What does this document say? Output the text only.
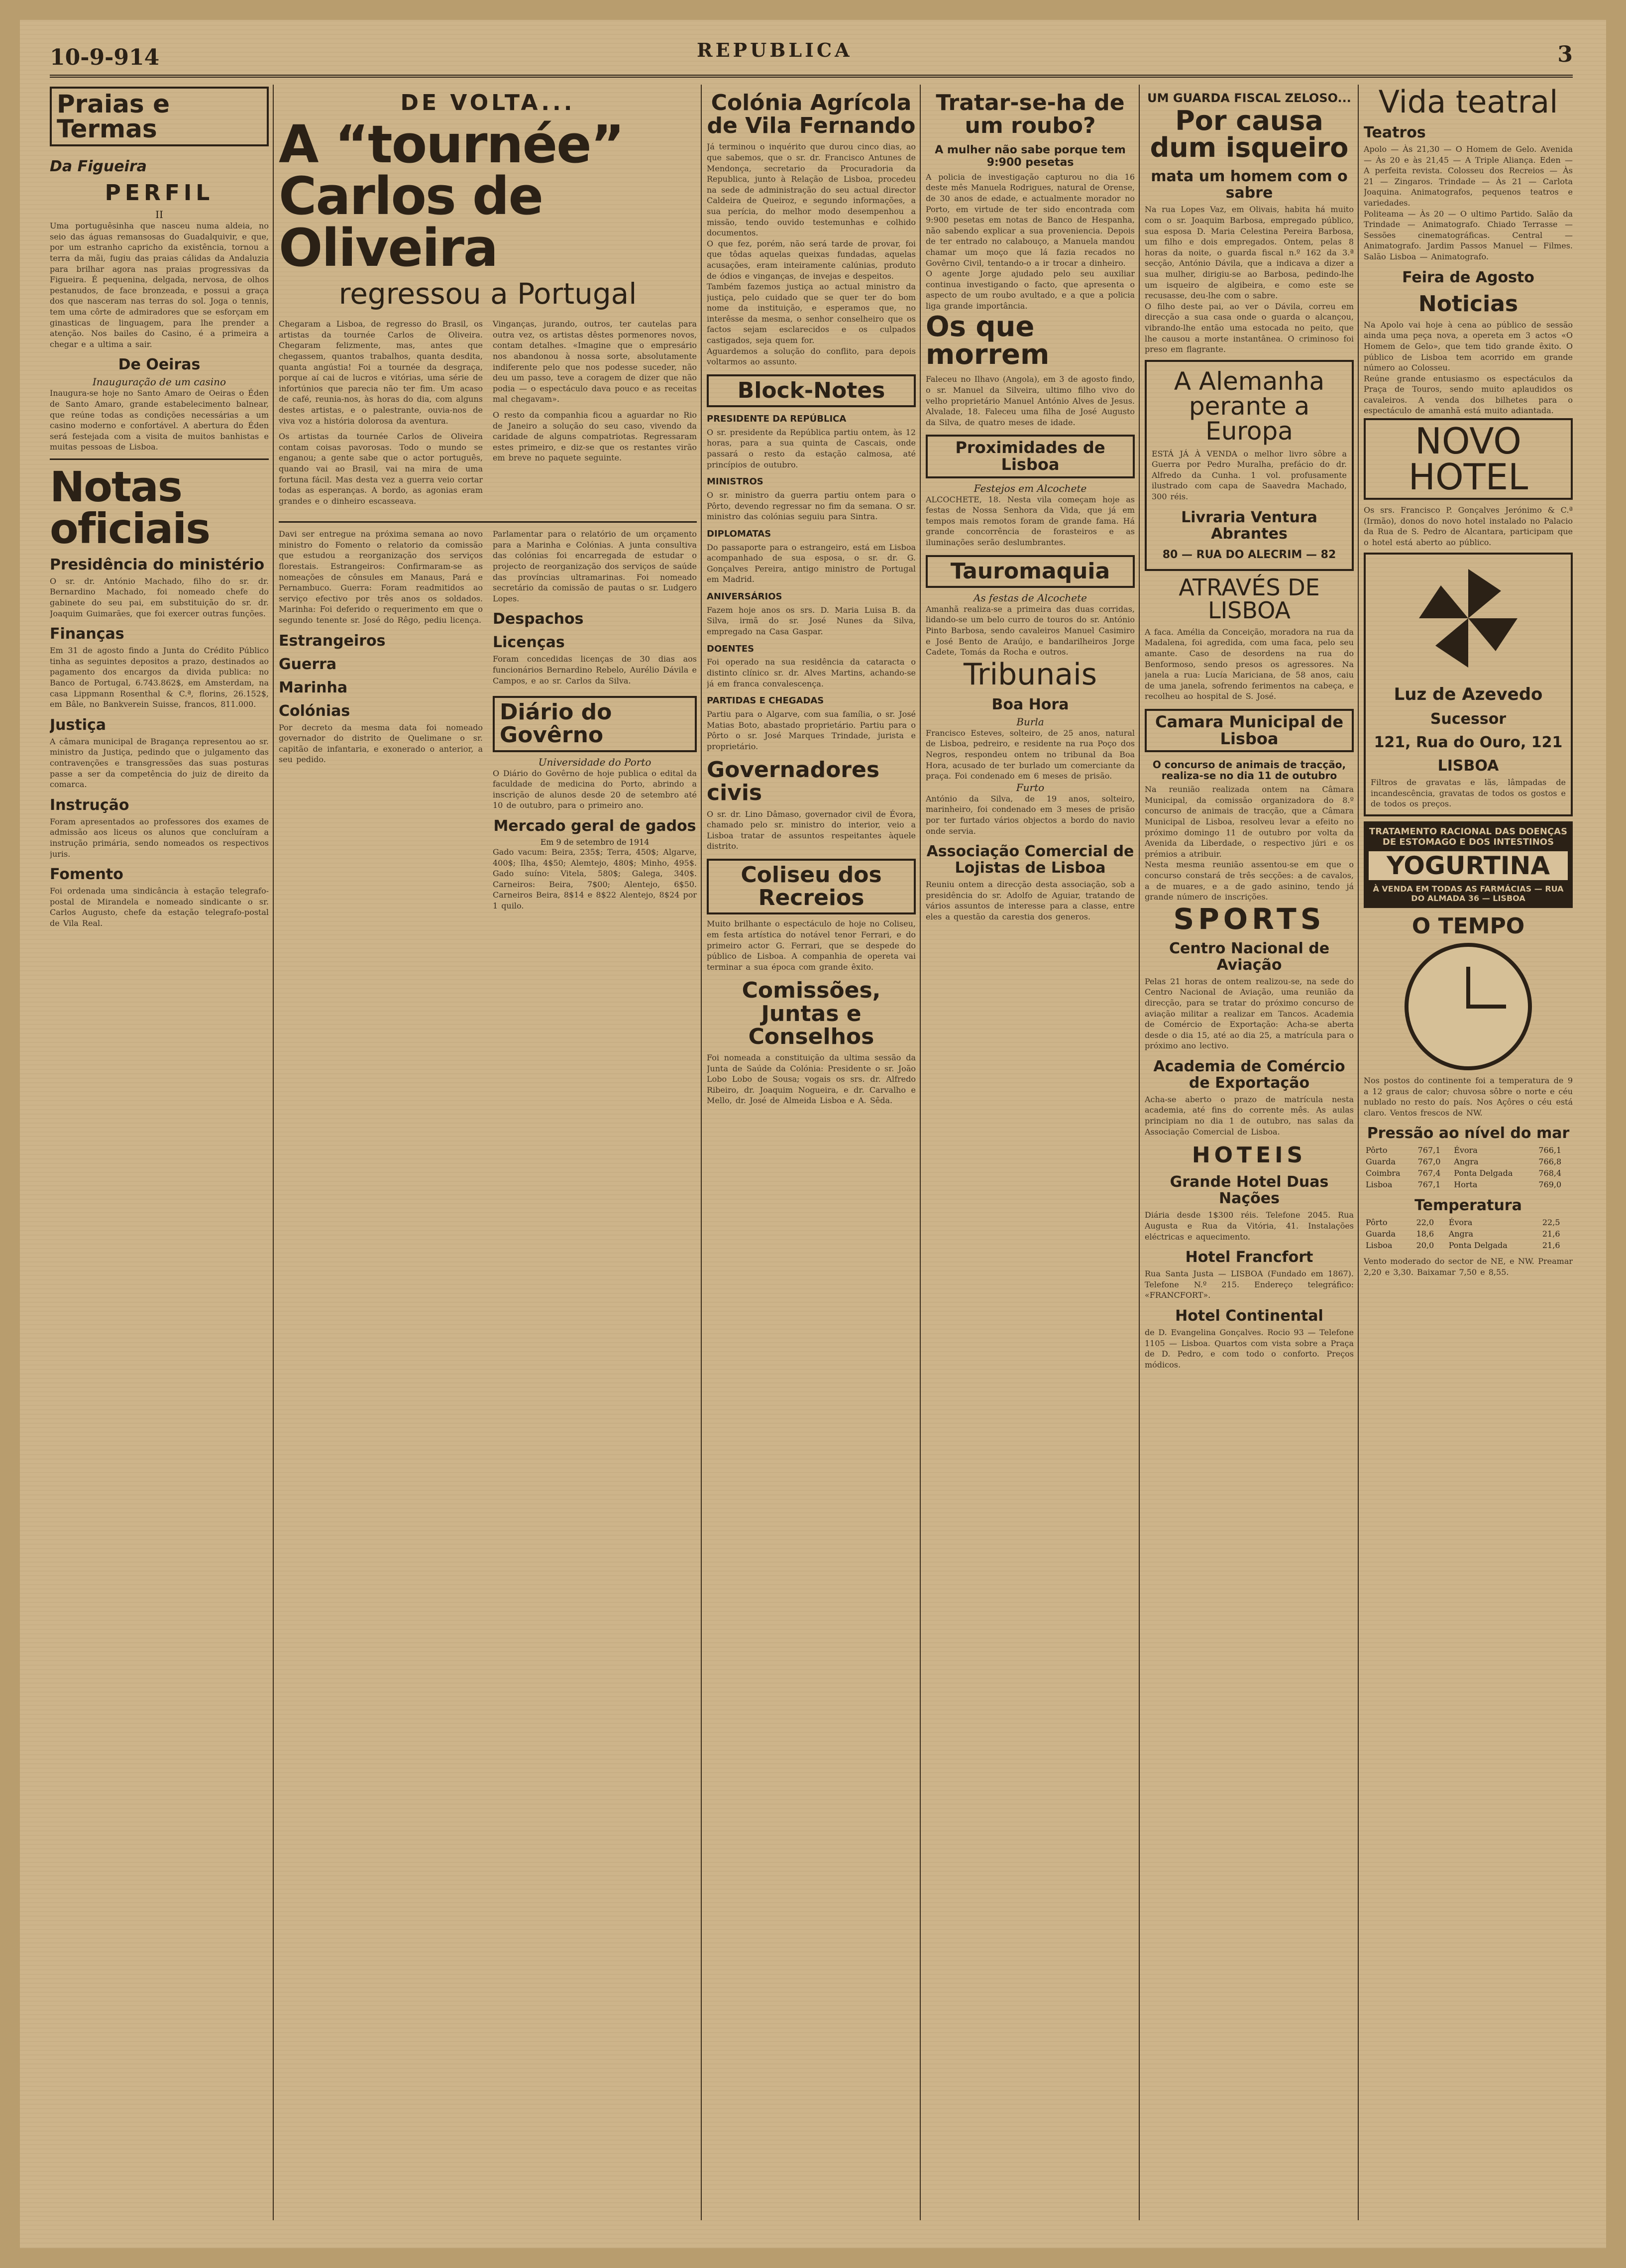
10-9-914	REPUBLICA	3
Praias e Termas
Da Figueira
PERFIL
II

Uma portuguêsinha que nasceu numa aldeia, no seio das águas remansosas do Guadalquivir, e que, por um estranho capricho da existência, tornou a terra da mãi, fugiu das praias cálidas da Andaluzia para brilhar agora nas praias progressivas da Figueira. É pequenina, delgada, nervosa, de olhos pestanudos, de face bronzeada, e possui a graça dos que nasceram nas terras do sol. Joga o tennis, tem uma côrte de admiradores que se esforçam em ginasticas de linguagem, para lhe prender a atenção. Nos bailes do Casino, é a primeira a chegar e a ultima a sair.

De Oeiras
Inauguração de um casino

Inaugura-se hoje no Santo Amaro de Oeiras o Éden de Santo Amaro, grande estabelecimento balnear, que reúne todas as condições necessárias a um casino moderno e confortável. A abertura do Éden será festejada com a visita de muitos banhistas e muitas pessoas de Lisboa.

Notas oficiais
Presidência do ministério

O sr. dr. António Machado, filho do sr. dr. Bernardino Machado, foi nomeado chefe do gabinete do seu pai, em substituição do sr. dr. Joaquim Guimarães, que foi exercer outras funções.

Finanças

Em 31 de agosto findo a Junta do Crédito Público tinha as seguintes depositos a prazo, destinados ao pagamento dos encargos da divida publica: no Banco de Portugal, 6.743.862$, em Amsterdam, na casa Lippmann Rosenthal & C.ª, florins, 26.152$, em Bâle, no Bankverein Suisse, francos, 811.000.

Justiça

A câmara municipal de Bragança representou ao sr. ministro da Justiça, pedindo que o julgamento das contravenções e transgressões das suas posturas passe a ser da competência do juiz de direito da comarca.

Instrução

Foram apresentados ao professores dos exames de admissão aos liceus os alunos que concluíram a instrução primária, sendo nomeados os respectivos juris.

Fomento

Foi ordenada uma sindicância à estação telegrafo-postal de Mirandela e nomeado sindicante o sr. Carlos Augusto, chefe da estação telegrafo-postal de Vila Real.

DE VOLTA...
A “tournée” Carlos de Oliveira
regressou a Portugal

Chegaram a Lisboa, de regresso do Brasil, os artistas da tournée Carlos de Oliveira. Chegaram felizmente, mas, antes que chegassem, quantos trabalhos, quanta desdita, quanta angústia! Foi a tournée da desgraça, porque aí cai de lucros e vitórias, uma série de infortúnios que parecia não ter fim. Um acaso de café, reunia-nos, às horas do dia, com alguns destes artistas, e o palestrante, ouvia-nos de viva voz a história dolorosa da aventura.

Os artistas da tournée Carlos de Oliveira contam coisas pavorosas. Todo o mundo se enganou; a gente sabe que o actor português, quando vai ao Brasil, vai na mira de uma fortuna fácil. Mas desta vez a guerra veio cortar todas as esperanças. A bordo, as agonias eram grandes e o dinheiro escasseava.

Vinganças, jurando, outros, ter cautelas para outra vez, os artistas dêstes pormenores novos, contam detalhes. «Imagine que o empresário nos abandonou à nossa sorte, absolutamente indiferente pelo que nos podesse suceder, não deu um passo, teve a coragem de dizer que não podia — o espectáculo dava pouco e as receitas mal chegavam».

O resto da companhia ficou a aguardar no Rio de Janeiro a solução do seu caso, vivendo da caridade de alguns compatriotas. Regressaram estes primeiro, e diz-se que os restantes virão em breve no paquete seguinte.

Davi ser entregue na próxima semana ao novo ministro do Fomento o relatorio da comissão que estudou a reorganização dos serviços florestais. Estrangeiros: Confirmaram-se as nomeações de cônsules em Manaus, Pará e Pernambuco. Guerra: Foram readmitidos ao serviço efectivo por três anos os soldados. Marinha: Foi deferido o requerimento em que o segundo tenente sr. José do Rêgo, pediu licença.

Estrangeiros
Guerra
Marinha
Colónias

Por decreto da mesma data foi nomeado governador do distrito de Quelimane o sr. capitão de infantaria, e exonerado o anterior, a seu pedido.

Parlamentar para o relatório de um orçamento para a Marinha e Colónias. A junta consultiva das colónias foi encarregada de estudar o projecto de reorganização dos serviços de saúde das províncias ultramarinas. Foi nomeado secretário da comissão de pautas o sr. Ludgero Lopes.

Despachos
Licenças

Foram concedidas licenças de 30 dias aos funcionários Bernardino Rebelo, Aurélio Dávila e Campos, e ao sr. Carlos da Silva.

Diário do Govêrno
Universidade do Porto

O Diário do Govêrno de hoje publica o edital da faculdade de medicina do Porto, abrindo a inscrição de alunos desde 20 de setembro até 10 de outubro, para o primeiro ano.

Mercado geral de gados
Em 9 de setembro de 1914

Gado vacum: Beira, 235$; Terra, 450$; Algarve, 400$; Ilha, 4$50; Alemtejo, 480$; Minho, 495$. Gado suíno: Vitela, 580$; Galega, 340$. Carneiros: Beira, 7$00; Alentejo, 6$50. Carneiros Beira, 8$14 e 8$22 Alentejo, 8$24 por 1 quilo.

Colónia Agrícola de Vila Fernando

Já terminou o inquérito que durou cinco dias, ao que sabemos, que o sr. dr. Francisco Antunes de Mendonça, secretario da Procuradoria da Republica, junto à Relação de Lisboa, procedeu na sede de administração do seu actual director Caldeira de Queiroz, e segundo informações, a sua perícia, do melhor modo desempenhou a missão, tendo ouvido testemunhas e colhido documentos.

O que fez, porém, não será tarde de provar, foi que tôdas aquelas queixas fundadas, aquelas acusações, eram inteiramente calúnias, produto de ódios e vinganças, de invejas e despeitos.

Também fazemos justiça ao actual ministro da justiça, pelo cuidado que se quer ter do bom nome da instituição, e esperamos que, no interêsse da mesma, o senhor conselheiro que os factos sejam esclarecidos e os culpados castigados, seja quem for.

Aguardemos a solução do conflito, para depois voltarmos ao assunto.

Block-Notes
PRESIDENTE DA REPÚBLICA

O sr. presidente da República partiu ontem, às 12 horas, para a sua quinta de Cascais, onde passará o resto da estação calmosa, até princípios de outubro.

MINISTROS

O sr. ministro da guerra partiu ontem para o Pôrto, devendo regressar no fim da semana. O sr. ministro das colónias seguiu para Sintra.

DIPLOMATAS

Do passaporte para o estrangeiro, está em Lisboa acompanhado de sua esposa, o sr. dr. G. Gonçalves Pereira, antigo ministro de Portugal em Madrid.

ANIVERSÁRIOS

Fazem hoje anos os srs. D. Maria Luisa B. da Silva, irmã do sr. José Nunes da Silva, empregado na Casa Gaspar.

DOENTES

Foi operado na sua residência da cataracta o distinto clínico sr. dr. Alves Martins, achando-se já em franca convalescença.

PARTIDAS E CHEGADAS

Partiu para o Algarve, com sua família, o sr. José Matias Boto, abastado proprietário. Partiu para o Pôrto o sr. José Marques Trindade, jurista e proprietário.

Governadores civis

O sr. dr. Lino Dâmaso, governador civil de Évora, chamado pelo sr. ministro do interior, veio a Lisboa tratar de assuntos respeitantes àquele distrito.

Coliseu dos Recreios

Muito brilhante o espectáculo de hoje no Coliseu, em festa artística do notável tenor Ferrari, e do primeiro actor G. Ferrari, que se despede do público de Lisboa. A companhia de opereta vai terminar a sua época com grande êxito.

Comissões, Juntas e Conselhos

Foi nomeada a constituição da ultima sessão da Junta de Saúde da Colónia: Presidente o sr. João Lobo Lobo de Sousa; vogais os srs. dr. Alfredo Ribeiro, dr. Joaquim Nogueira, e dr. Carvalho e Mello, dr. José de Almeida Lisboa e A. Sêda.

Tratar-se-ha de um roubo?
A mulher não sabe porque tem 9:900 pesetas

A policia de investigação capturou no dia 16 deste mês Manuela Rodrigues, natural de Orense, de 30 anos de edade, e actualmente morador no Porto, em virtude de ter sido encontrada com 9:900 pesetas em notas de Banco de Hespanha, não sabendo explicar a sua proveniencia. Depois de ter entrado no calabouço, a Manuela mandou chamar um moço que lá fazia recados no Govêrno Civil, tentando-o a ir trocar a dinheiro.

O agente Jorge ajudado pelo seu auxiliar continua investigando o facto, que apresenta o aspecto de um roubo avultado, e a que a policia liga grande importância.

Os que morrem

Faleceu no Ilhavo (Angola), em 3 de agosto findo, o sr. Manuel da Silveira, ultimo filho vivo do velho proprietário Manuel António Alves de Jesus. Alvalade, 18. Faleceu uma filha de José Augusto da Silva, de quatro meses de idade.

Proximidades de Lisboa
Festejos em Alcochete

ALCOCHETE, 18. Nesta vila começam hoje as festas de Nossa Senhora da Vida, que já em tempos mais remotos foram de grande fama. Há grande concorrência de forasteiros e as iluminações serão deslumbrantes.

Tauromaquia
As festas de Alcochete

Amanhã realiza-se a primeira das duas corridas, lidando-se um belo curro de touros do sr. António Pinto Barbosa, sendo cavaleiros Manuel Casimiro e José Bento de Araújo, e bandarilheiros Jorge Cadete, Tomás da Rocha e outros.

Tribunais
Boa Hora
Burla

Francisco Esteves, solteiro, de 25 anos, natural de Lisboa, pedreiro, e residente na rua Poço dos Negros, respondeu ontem no tribunal da Boa Hora, acusado de ter burlado um comerciante da praça. Foi condenado em 6 meses de prisão.

Furto

António da Silva, de 19 anos, solteiro, marinheiro, foi condenado em 3 meses de prisão por ter furtado vários objectos a bordo do navio onde servia.

Associação Comercial de Lojistas de Lisboa

Reuniu ontem a direcção desta associação, sob a presidência do sr. Adolfo de Aguiar, tratando de vários assuntos de interesse para a classe, entre eles a questão da carestia dos generos.

UM GUARDA FISCAL ZELOSO...
Por causa dum isqueiro
mata um homem com o sabre

Na rua Lopes Vaz, em Olivais, habita há muito com o sr. Joaquim Barbosa, empregado público, sua esposa D. Maria Celestina Pereira Barbosa, um filho e dois empregados. Ontem, pelas 8 horas da noite, o guarda fiscal n.º 162 da 3.ª secção, António Dávila, que a indicava a dizer a sua mulher, dirigiu-se ao Barbosa, pedindo-lhe um isqueiro de algibeira, e como este se recusasse, deu-lhe com o sabre.

O filho deste pai, ao ver o Dávila, correu em direcção a sua casa onde o guarda o alcançou, vibrando-lhe então uma estocada no peito, que lhe causou a morte instantânea. O criminoso foi preso em flagrante.

A Alemanha perante a Europa

ESTÁ JÁ À VENDA o melhor livro sôbre a Guerra por Pedro Muralha, prefácio do dr. Alfredo da Cunha. 1 vol. profusamente ilustrado com capa de Saavedra Machado, 300 réis.

Livraria Ventura Abrantes
80 — RUA DO ALECRIM — 82
ATRAVÉS DE LISBOA

A faca. Amélia da Conceição, moradora na rua da Madalena, foi agredida, com uma faca, pelo seu amante. Caso de desordens na rua do Benformoso, sendo presos os agressores. Na janela a rua: Lucía Mariciana, de 58 anos, caiu de uma janela, sofrendo ferimentos na cabeça, e recolheu ao hospital de S. José.

Camara Municipal de Lisboa
O concurso de animais de tracção, realiza-se no dia 11 de outubro

Na reunião realizada ontem na Câmara Municipal, da comissão organizadora do 8.º concurso de animais de tracção, que a Câmara Municipal de Lisboa, resolveu levar a efeito no próximo domingo 11 de outubro por volta da Avenida da Liberdade, o respectivo júri e os prémios a atribuir.

Nesta mesma reunião assentou-se em que o concurso constará de três secções: a de cavalos, a de muares, e a de gado asinino, tendo já grande número de inscrições.

SPORTS
Centro Nacional de Aviação

Pelas 21 horas de ontem realizou-se, na sede do Centro Nacional de Aviação, uma reunião da direcção, para se tratar do próximo concurso de aviação militar a realizar em Tancos. Academia de Comércio de Exportação: Acha-se aberta desde o dia 15, até ao dia 25, a matrícula para o próximo ano lectivo.

Academia de Comércio de Exportação

Acha-se aberto o prazo de matrícula nesta academia, até fins do corrente mês. As aulas principiam no dia 1 de outubro, nas salas da Associação Comercial de Lisboa.

HOTEIS
Grande Hotel Duas Nações

Diária desde 1$300 réis. Telefone 2045. Rua Augusta e Rua da Vitória, 41. Instalações eléctricas e aquecimento.

Hotel Francfort

Rua Santa Justa — LISBOA (Fundado em 1867). Telefone N.º 215. Endereço telegráfico: «FRANCFORT».

Hotel Continental

de D. Evangelina Gonçalves. Rocio 93 — Telefone 1105 — Lisboa. Quartos com vista sobre a Praça de D. Pedro, e com todo o conforto. Preços módicos.

Vida teatral
Teatros

Apolo — Às 21,30 — O Homem de Gelo. Avenida — Às 20 e às 21,45 — A Triple Aliança. Eden — A perfeita revista. Colosseu dos Recreios — Às 21 — Zingaros. Trindade — Às 21 — Carlota Joaquina. Animatografos, pequenos teatros e variedades.

Politeama — Às 20 — O ultimo Partido. Salão da Trindade — Animatografo. Chiado Terrasse — Sessões cinematográficas. Central — Animatografo. Jardim Passos Manuel — Filmes. Salão Lisboa — Animatografo.

Feira de Agosto
Noticias

Na Apolo vai hoje à cena ao público de sessão ainda uma peça nova, a opereta em 3 actos «O Homem de Gelo», que tem tido grande êxito. O público de Lisboa tem acorrido em grande número ao Colosseu.

Reúne grande entusiasmo os espectáculos da Praça de Touros, sendo muito aplaudidos os cavaleiros. A venda dos bilhetes para o espectáculo de amanhã está muito adiantada.

NOVO HOTEL

Os srs. Francisco P. Gonçalves Jerónimo & C.ª (Irmão), donos do novo hotel instalado no Palacio da Rua de S. Pedro de Alcantara, participam que o hotel está aberto ao público.

Luz de Azevedo
Sucessor
121, Rua do Ouro, 121
LISBOA

Filtros de gravatas e lãs, lâmpadas de incandescência, gravatas de todos os gostos e de todos os preços.

TRATAMENTO RACIONAL DAS DOENÇAS DE ESTOMAGO E DOS INTESTINOS
YOGURTINA
À VENDA EM TODAS AS FARMÁCIAS — RUA DO ALMADA 36 — LISBOA
O TEMPO

Nos postos do continente foi a temperatura de 9 a 12 graus de calor; chuvosa sôbre o norte e céu nublado no resto do país. Nos Açôres o céu está claro. Ventos frescos de NW.

Pressão ao nível do mar
Pôrto	767,1	Évora	766,1
Guarda	767,0	Angra	766,8
Coimbra	767,4	Ponta Delgada	768,4
Lisboa	767,1	Horta	769,0
Temperatura
Pôrto	22,0	Évora	22,5
Guarda	18,6	Angra	21,6
Lisboa	20,0	Ponta Delgada	21,6

Vento moderado do sector de NE, e NW. Preamar 2,20 e 3,30. Baixamar 7,50 e 8,55.
